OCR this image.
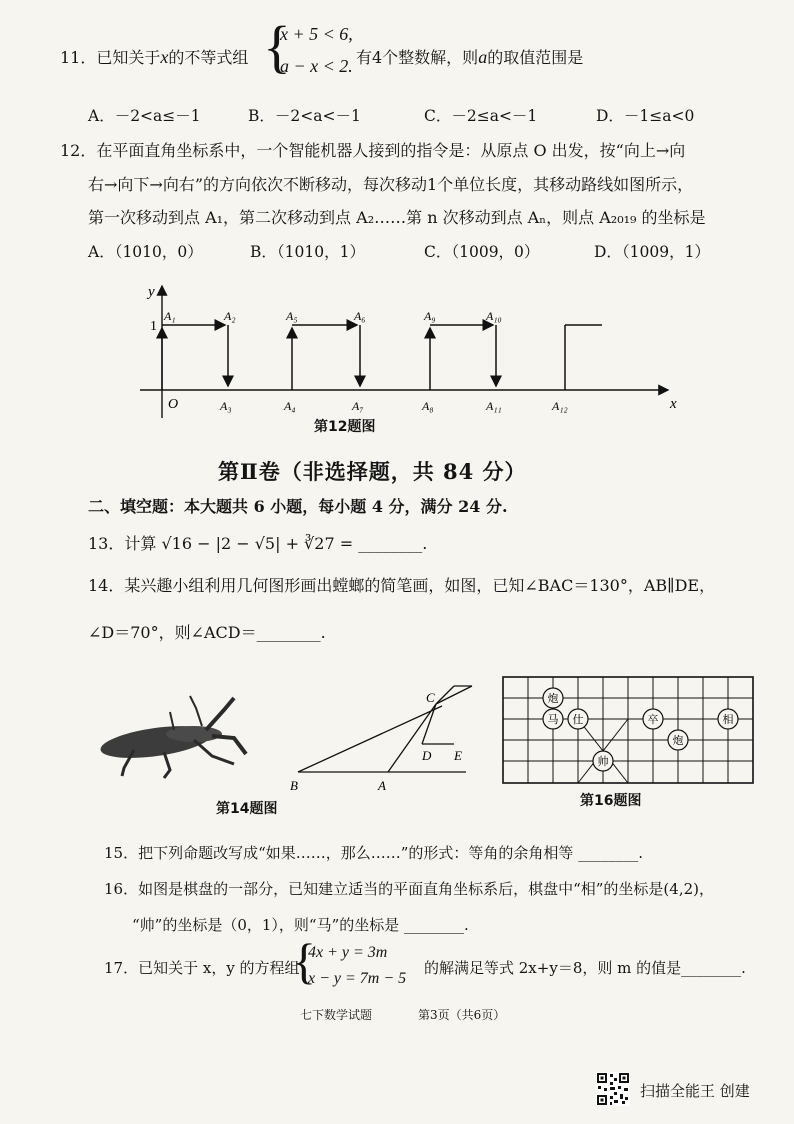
11．已知关于x的不等式组 {
x + 5 < 6,
a − x < 2. 有4个整数解，则a的取值范围是
A．－2<a≤－1	B．－2<a<－1	C．－2≤a<－1	D．－1≤a<0
12．在平面直角坐标系中，一个智能机器人接到的指令是：从原点 O 出发，按“向上→向
右→向下→向右”的方向依次不断移动，每次移动1个单位长度，其移动路线如图所示，
第一次移动到点 A₁，第二次移动到点 A₂……第 n 次移动到点 Aₙ，则点 A₂₀₁₉ 的坐标是
A．（1010，0）	B．（1010，1）	C．（1009，0）	D．（1009，1）
x
y
O
1
A₁	A₂	A₅	A₆	A₉	A₁₀
A₃	A₄	A₇	A₈	A₁₁	A₁₂
第12题图
第Ⅱ卷（非选择题，共 84 分）
二、填空题：本大题共 6 小题，每小题 4 分，满分 24 分.
13．计算 √16 − |2 − √5| + ∛27 = ________.
14．某兴趣小组利用几何图形画出螳螂的简笔画，如图，已知∠BAC＝130°，AB∥DE，
∠D＝70°，则∠ACD＝________.
第14题图
C
D E
B	A
炮
马 仕	卒	相
帅
炮
第16题图
15．把下列命题改写成“如果……，那么……”的形式：等角的余角相等 ________.
16．如图是棋盘的一部分，已知建立适当的平面直角坐标系后，棋盘中“相”的坐标是(4,2)，
“帅”的坐标是（0，1），则“马”的坐标是 ________.
17．已知关于 x，y 的方程组
{
4x + y = 3m
x − y = 7m − 5
的解满足等式 2x+y＝8，则 m 的值是________.
七下数学试题	第3页（共6页）
扫描全能王 创建
